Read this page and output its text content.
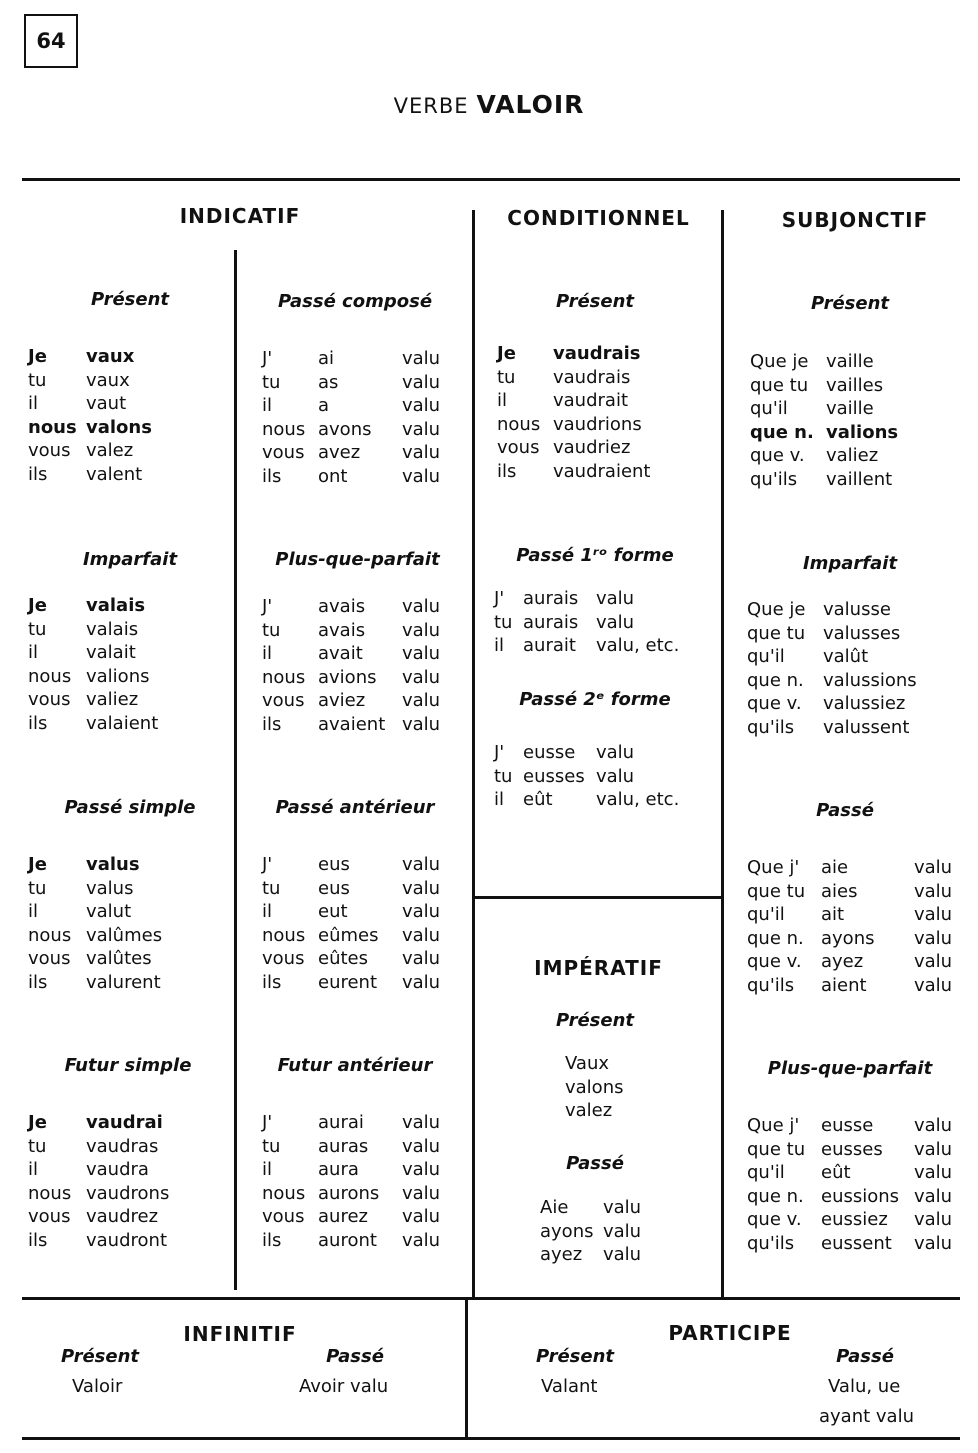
64
VERBE VALOIR
INDICATIF	CONDITIONNEL	SUBJONCTIF
Présent
Je	vaux
tu	vaux
il	vaut
nous valons
vous valez
ils	valent
Passé composé
J'	ai	valu
tu	as	valu
il	a	valu
nous avons	valu
vous avez	valu
ils	ont	valu
Imparfait
Je	valais
tu	valais
il	valait
nous valions
vous valiez
ils	valaient
Plus-que-parfait
J'	avais	valu
tu	avais	valu
il	avait	valu
nous avions	valu
vous aviez	valu
ils	avaient valu
Passé simple
Je	valus
tu	valus
il	valut
nous valûmes
vous valûtes
ils	valurent
Passé antérieur
J'	eus	valu
tu	eus	valu
il	eut	valu
nous eûmes	valu
vous eûtes	valu
ils	eurent	valu
Futur simple
Je	vaudrai
tu	vaudras
il	vaudra
nous vaudrons
vous vaudrez
ils	vaudront
Futur antérieur
J'	aurai	valu
tu	auras	valu
il	aura	valu
nous aurons	valu
vous aurez	valu
ils	auront	valu
Présent
Je	vaudrais
tu	vaudrais
il	vaudrait
nous vaudrions
vous vaudriez
ils	vaudraient
Passé 1ʳᵒ forme
J'	aurais valu
tu aurais valu
il	aurait	valu, etc.
Passé 2ᵉ forme
J'	eusse	valu
tu eusses valu
il	eût	valu, etc.
IMPÉRATIF
Présent
Vaux
valons
valez
Passé
Aie	valu
ayons valu
ayez	valu
Présent
Que je vaille
que tu vailles
qu'il	vaille
que n. valions
que v.	valiez
qu'ils	vaillent
Imparfait
Que je valusse
que tu valusses
qu'il	valût
que n.	valussions
que v.	valussiez
qu'ils	valussent
Passé
Que j'	aie	valu
que tu aies	valu
qu'il	ait	valu
que n. ayons	valu
que v.	ayez	valu
qu'ils	aient	valu
Plus-que-parfait
Que j'	eusse	valu
que tu eusses	valu
qu'il	eût	valu
que n. eussions valu
que v.	eussiez	valu
qu'ils	eussent	valu
INFINITIF
Présent
Valoir
Passé
Avoir valu
PARTICIPE
Présent
Valant
Passé
Valu, ue
ayant valu
